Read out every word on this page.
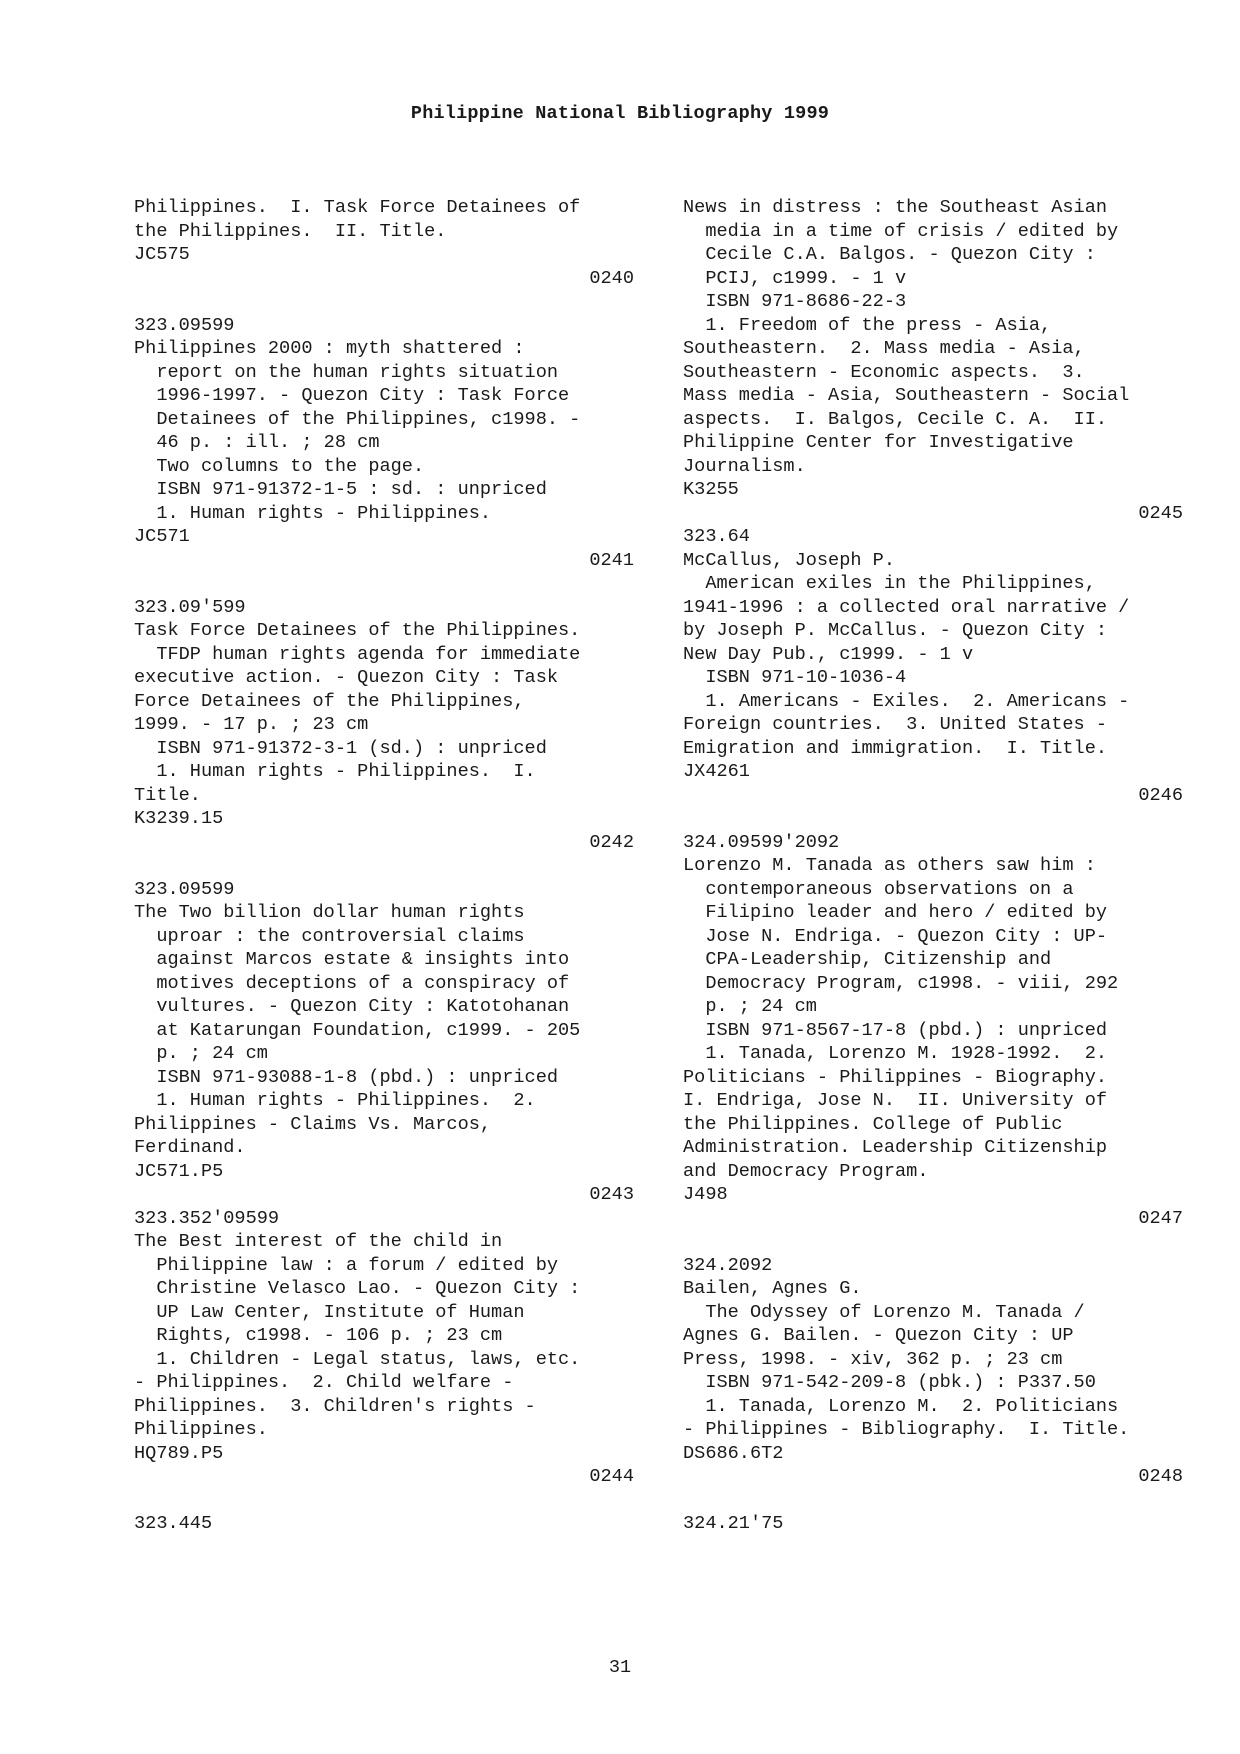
Philippine National Bibliography 1999
Philippines.  I. Task Force Detainees of
the Philippines.  II. Title.
JC575
0240
323.09599
Philippines 2000 : myth shattered :
report on the human rights situation
1996-1997. - Quezon City : Task Force
Detainees of the Philippines, c1998. -
46 p. : ill. ; 28 cm
Two columns to the page.
ISBN 971-91372-1-5 : sd. : unpriced
1. Human rights - Philippines.
JC571
0241
323.09'599
Task Force Detainees of the Philippines.
TFDP human rights agenda for immediate
executive action. - Quezon City : Task
Force Detainees of the Philippines,
1999. - 17 p. ; 23 cm
ISBN 971-91372-3-1 (sd.) : unpriced
1. Human rights - Philippines.  I.
Title.
K3239.15
0242
323.09599
The Two billion dollar human rights
uproar : the controversial claims
against Marcos estate & insights into
motives deceptions of a conspiracy of
vultures. - Quezon City : Katotohanan
at Katarungan Foundation, c1999. - 205
p. ; 24 cm
ISBN 971-93088-1-8 (pbd.) : unpriced
1. Human rights - Philippines.  2.
Philippines - Claims Vs. Marcos,
Ferdinand.
JC571.P5
0243
323.352'09599
The Best interest of the child in
Philippine law : a forum / edited by
Christine Velasco Lao. - Quezon City :
UP Law Center, Institute of Human
Rights, c1998. - 106 p. ; 23 cm
1. Children - Legal status, laws, etc.
- Philippines.  2. Child welfare -
Philippines.  3. Children's rights -
Philippines.
HQ789.P5
0244
323.445
News in distress : the Southeast Asian
media in a time of crisis / edited by
Cecile C.A. Balgos. - Quezon City :
PCIJ, c1999. - 1 v
ISBN 971-8686-22-3
1. Freedom of the press - Asia,
Southeastern.  2. Mass media - Asia,
Southeastern - Economic aspects.  3.
Mass media - Asia, Southeastern - Social
aspects.  I. Balgos, Cecile C. A.  II.
Philippine Center for Investigative
Journalism.
K3255
0245
323.64
McCallus, Joseph P.
American exiles in the Philippines,
1941-1996 : a collected oral narrative /
by Joseph P. McCallus. - Quezon City :
New Day Pub., c1999. - 1 v
ISBN 971-10-1036-4
1. Americans - Exiles.  2. Americans -
Foreign countries.  3. United States -
Emigration and immigration.  I. Title.
JX4261
0246
324.09599'2092
Lorenzo M. Tanada as others saw him :
contemporaneous observations on a
Filipino leader and hero / edited by
Jose N. Endriga. - Quezon City : UP-
CPA-Leadership, Citizenship and
Democracy Program, c1998. - viii, 292
p. ; 24 cm
ISBN 971-8567-17-8 (pbd.) : unpriced
1. Tanada, Lorenzo M. 1928-1992.  2.
Politicians - Philippines - Biography.
I. Endriga, Jose N.  II. University of
the Philippines. College of Public
Administration. Leadership Citizenship
and Democracy Program.
J498
0247
324.2092
Bailen, Agnes G.
The Odyssey of Lorenzo M. Tanada /
Agnes G. Bailen. - Quezon City : UP
Press, 1998. - xiv, 362 p. ; 23 cm
ISBN 971-542-209-8 (pbk.) : P337.50
1. Tanada, Lorenzo M.  2. Politicians
- Philippines - Bibliography.  I. Title.
DS686.6T2
0248
324.21'75
31
